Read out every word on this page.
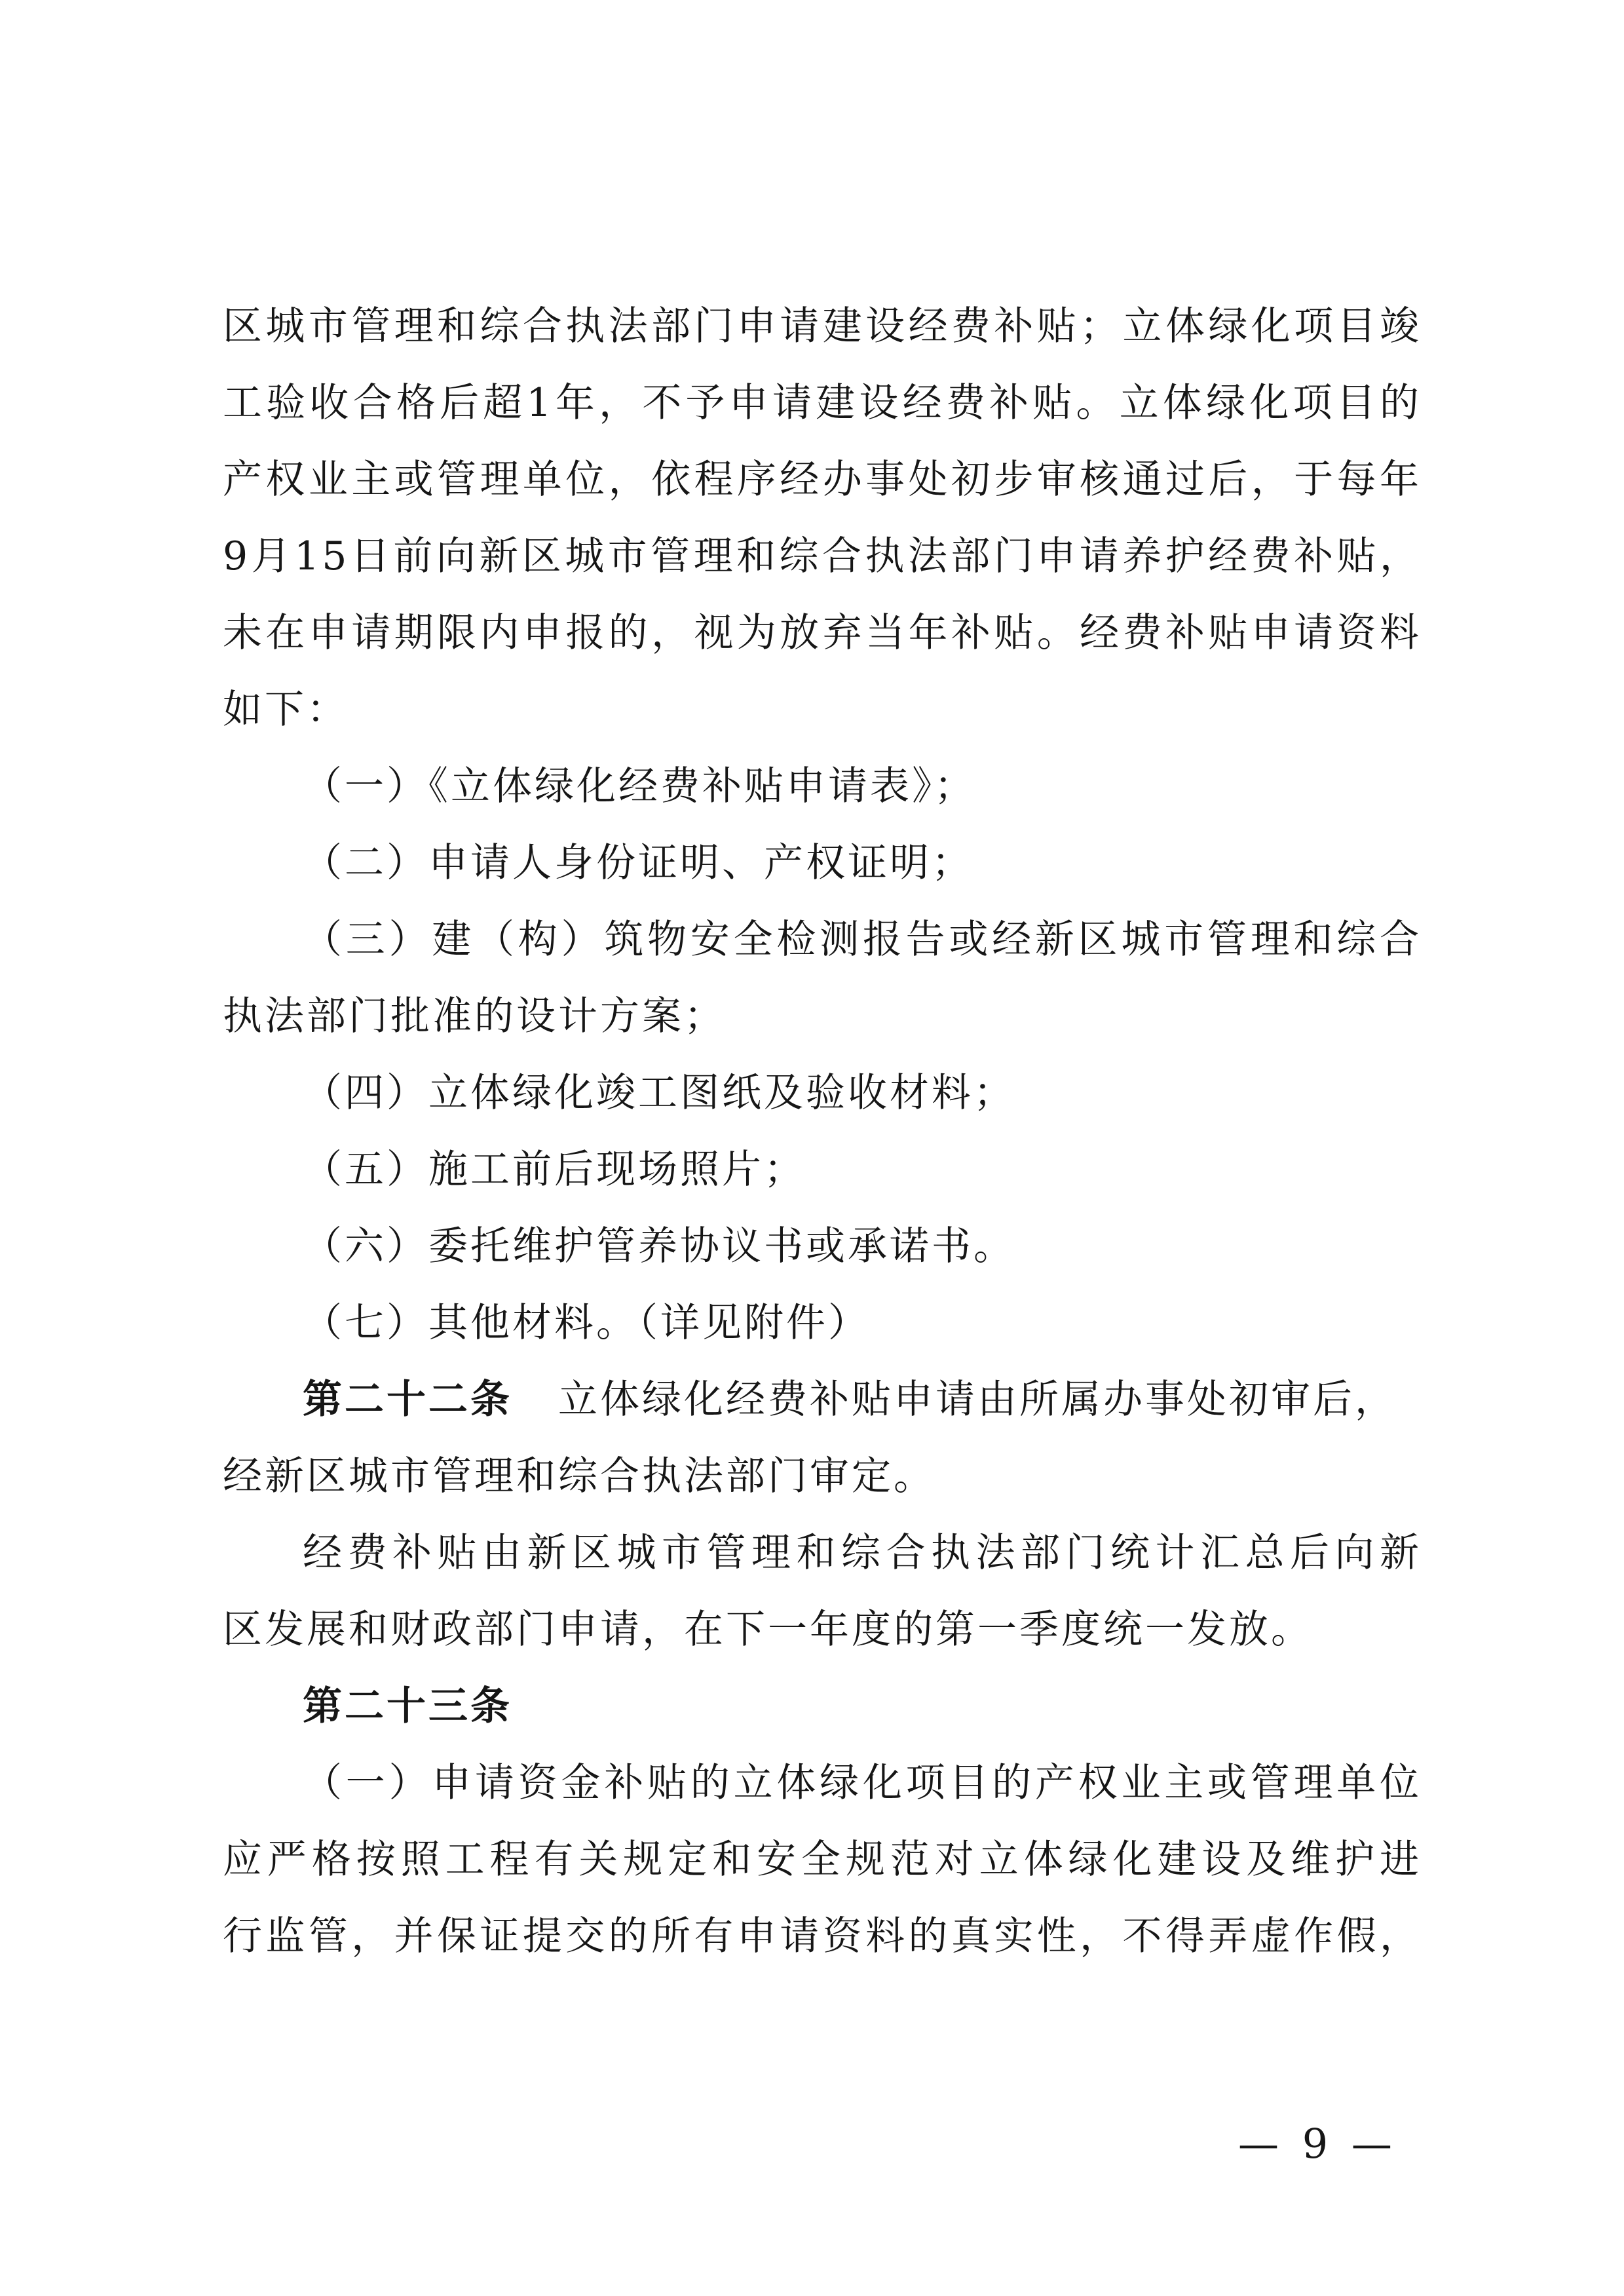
区城市管理和综合执法部门申请建设经费补贴；立体绿化项目竣
工验收合格后超1年，不予申请建设经费补贴。立体绿化项目的
产权业主或管理单位，依程序经办事处初步审核通过后，于每年
9月15日前向新区城市管理和综合执法部门申请养护经费补贴，
未在申请期限内申报的，视为放弃当年补贴。经费补贴申请资料
如下：
（一）《立体绿化经费补贴申请表》；
（二）申请人身份证明、产权证明；
（三）建（构）筑物安全检测报告或经新区城市管理和综合
执法部门批准的设计方案；
（四）立体绿化竣工图纸及验收材料；
（五）施工前后现场照片；
（六）委托维护管养协议书或承诺书。
（七）其他材料。（详见附件）
第二十二条 立体绿化经费补贴申请由所属办事处初审后，
经新区城市管理和综合执法部门审定。
经费补贴由新区城市管理和综合执法部门统计汇总后向新
区发展和财政部门申请，在下一年度的第一季度统一发放。
第二十三条
（一）申请资金补贴的立体绿化项目的产权业主或管理单位
应严格按照工程有关规定和安全规范对立体绿化建设及维护进
行监管，并保证提交的所有申请资料的真实性，不得弄虚作假，
— 9 —
